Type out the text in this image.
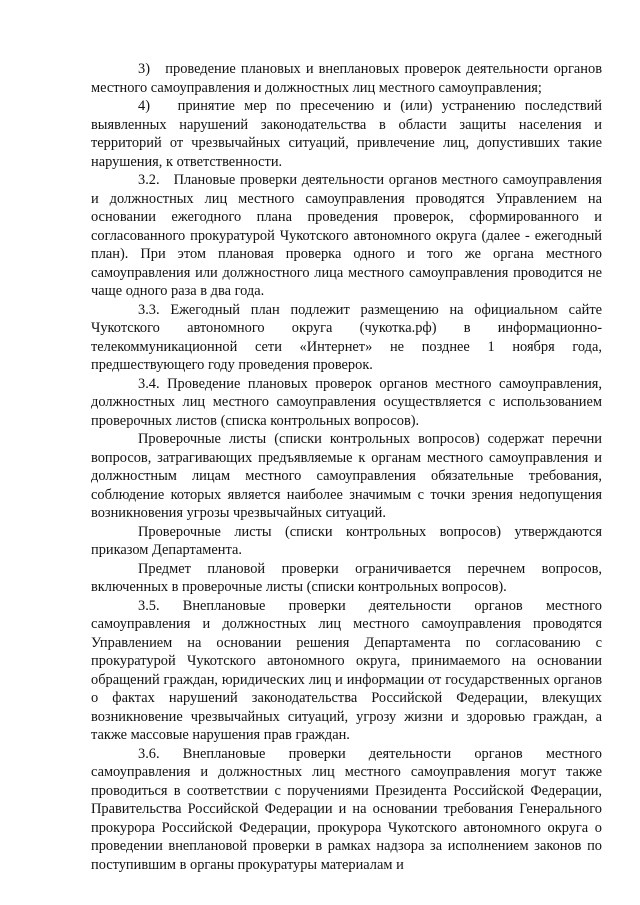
3)   проведение плановых и внеплановых проверок деятельности органов местного самоуправления и должностных лиц местного самоуправления;

4)   принятие мер по пресечению и (или) устранению последствий выявленных нарушений законодательства в области защиты населения и территорий от чрезвычайных ситуаций, привлечение лиц, допустивших такие нарушения, к ответственности.

3.2.   Плановые проверки деятельности органов местного самоуправления и должностных лиц местного самоуправления проводятся Управлением на основании ежегодного плана проведения проверок, сформированного и согласованного прокуратурой Чукотского автономного округа (далее - ежегодный план). При этом плановая проверка одного и того же органа местного самоуправления или должностного лица местного самоуправления проводится не чаще одного раза в два года.

3.3. Ежегодный план подлежит размещению на официальном сайте Чукотского автономного округа (чукотка.рф) в информационно-телекоммуникационной сети «Интернет» не позднее 1 ноября года, предшествующего году проведения проверок.

3.4. Проведение плановых проверок органов местного самоуправления, должностных лиц местного самоуправления осуществляется с использованием проверочных листов (списка контрольных вопросов).

Проверочные листы (списки контрольных вопросов) содержат перечни вопросов, затрагивающих предъявляемые к органам местного самоуправления и должностным лицам местного самоуправления обязательные требования, соблюдение которых является наиболее значимым с точки зрения недопущения возникновения угрозы чрезвычайных ситуаций.

Проверочные листы (списки контрольных вопросов) утверждаются приказом Департамента.

Предмет плановой проверки ограничивается перечнем вопросов, включенных в проверочные листы (списки контрольных вопросов).

3.5. Внеплановые проверки деятельности органов местного самоуправления и должностных лиц местного самоуправления проводятся Управлением на основании решения Департамента по согласованию с прокуратурой Чукотского автономного округа, принимаемого на основании обращений граждан, юридических лиц и информации от государственных органов о фактах нарушений законодательства Российской Федерации, влекущих возникновение чрезвычайных ситуаций, угрозу жизни и здоровью граждан, а также массовые нарушения прав граждан.

3.6. Внеплановые проверки деятельности органов местного самоуправления и должностных лиц местного самоуправления могут также проводиться в соответствии с поручениями Президента Российской Федерации, Правительства Российской Федерации и на основании требования Генерального прокурора Российской Федерации, прокурора Чукотского автономного округа о проведении внеплановой проверки в рамках надзора за исполнением законов по поступившим в органы прокуратуры материалам и
